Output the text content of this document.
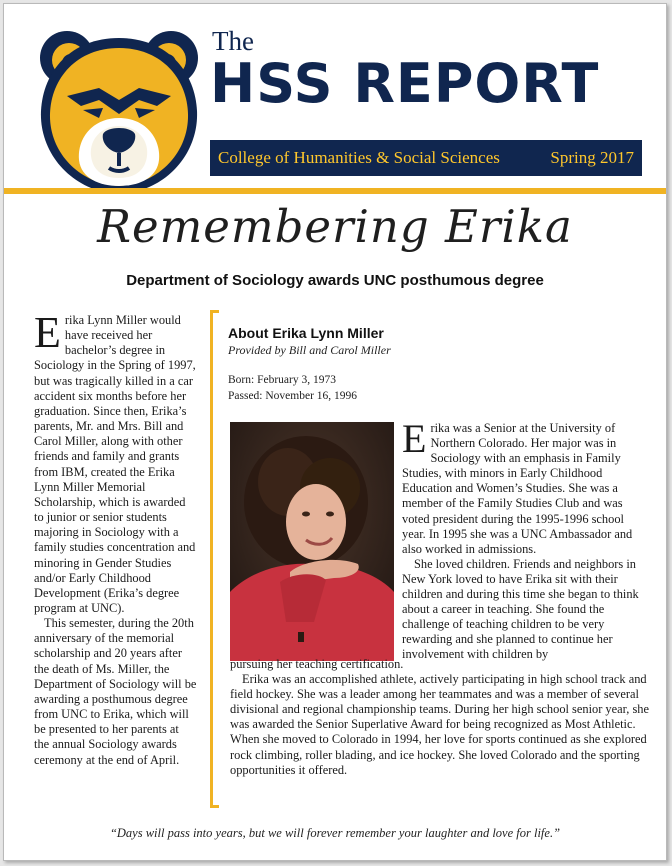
The
HSS REPORT
College of Humanities & Social Sciences	Spring 2017
Remembering Erika
Department of Sociology awards UNC posthumous degree

Erika Lynn Miller would have received her bachelor’s degree in Sociology in the Spring of 1997, but was tragically killed in a car accident six months before her graduation. Since then, Erika’s parents, Mr. and Mrs. Bill and Carol Miller, along with other friends and family and grants from IBM, created the Erika Lynn Miller Memorial Scholarship, which is awarded to junior or senior students majoring in Sociology with a family studies concentration and minoring in Gender Studies and/or Early Childhood Development (Erika’s degree program at UNC).

This semester, during the 20th anniversary of the memorial scholarship and 20 years after the death of Ms. Miller, the Department of Sociology will be awarding a posthumous degree from UNC to Erika, which will be presented to her parents at the annual Sociology awards ceremony at the end of April.

About Erika Lynn Miller
Provided by Bill and Carol Miller
Born: February 3, 1973
Passed: November 16, 1996

Erika was a Senior at the University of Northern Colorado. Her major was in Sociology with an emphasis in Family Studies, with minors in Early Childhood Education and Women’s Studies. She was a member of the Family Studies Club and was voted president during the 1995-1996 school year. In 1995 she was a UNC Ambassador and also worked in admissions.

She loved children. Friends and neighbors in New York loved to have Erika sit with their children and during this time she began to think about a career in teaching. She found the challenge of teaching children to be very rewarding and she planned to continue her involvement with children by

pursuing her teaching certification.

Erika was an accomplished athlete, actively participating in high school track and field hockey. She was a leader among her teammates and was a member of several divisional and regional championship teams. During her high school senior year, she was awarded the Senior Superlative Award for being recognized as Most Athletic. When she moved to Colorado in 1994, her love for sports continued as she explored rock climbing, roller blading, and ice hockey. She loved Colorado and the sporting opportunities it offered.

“Days will pass into years, but we will forever remember your laughter and love for life.”
